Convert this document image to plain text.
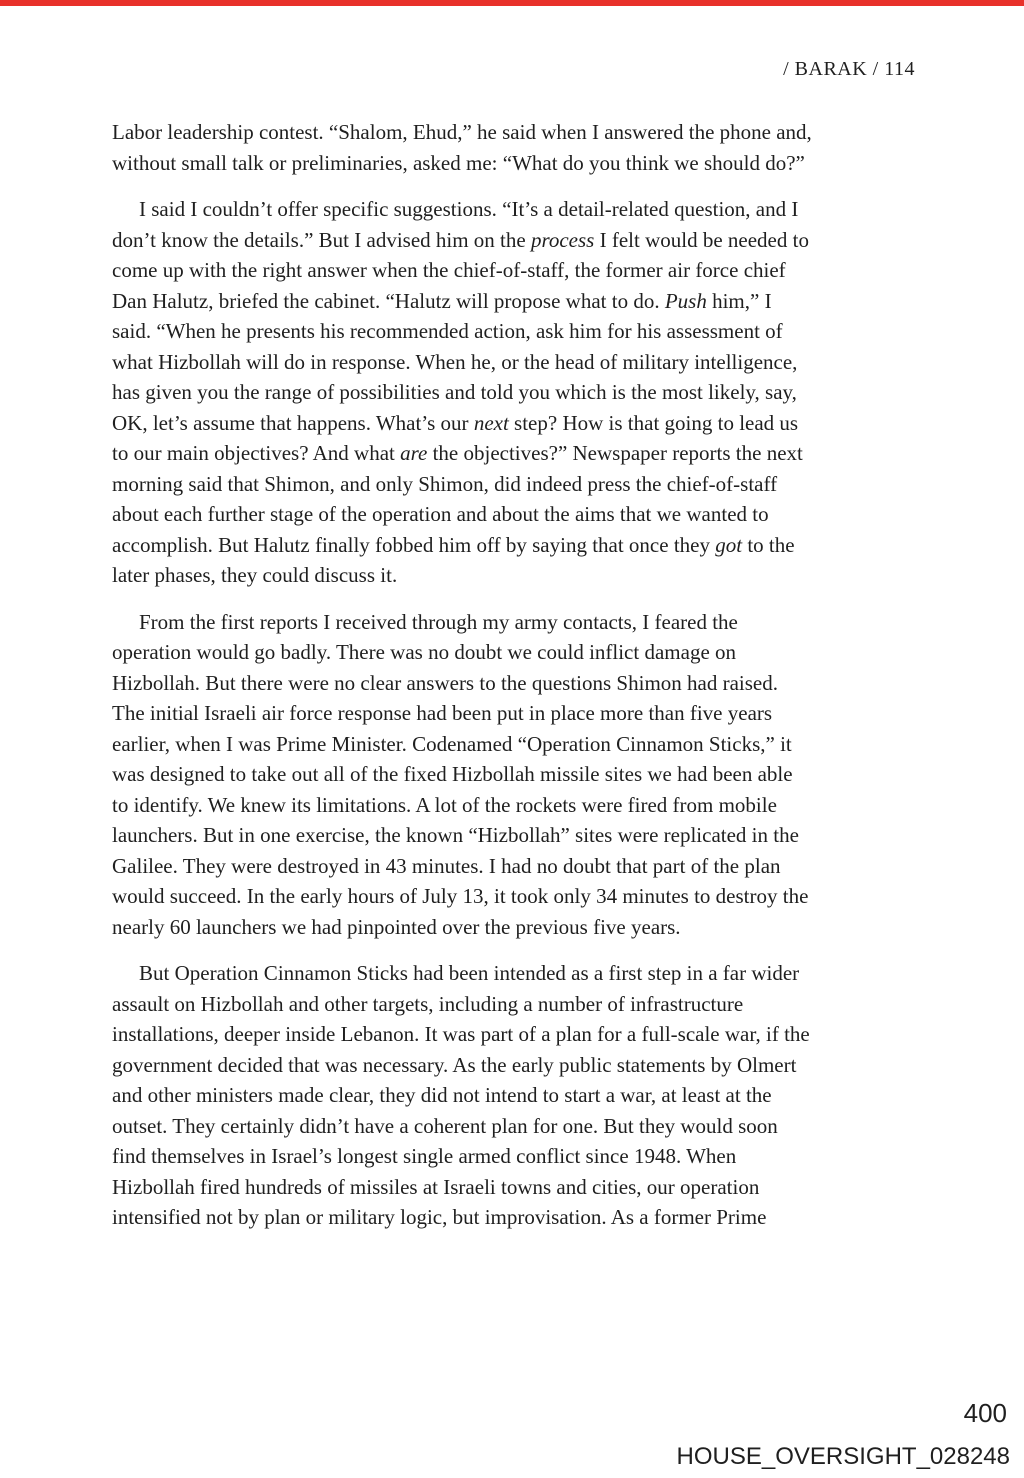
/ BARAK / 114

Labor leadership contest. “Shalom, Ehud,” he said when I answered the phone and,
without small talk or preliminaries, asked me: “What do you think we should do?”

I said I couldn’t offer specific suggestions. “It’s a detail-related question, and I
don’t know the details.” But I advised him on the process I felt would be needed to
come up with the right answer when the chief-of-staff, the former air force chief
Dan Halutz, briefed the cabinet. “Halutz will propose what to do. Push him,” I
said. “When he presents his recommended action, ask him for his assessment of
what Hizbollah will do in response. When he, or the head of military intelligence,
has given you the range of possibilities and told you which is the most likely, say,
OK, let’s assume that happens. What’s our next step? How is that going to lead us
to our main objectives? And what are the objectives?” Newspaper reports the next
morning said that Shimon, and only Shimon, did indeed press the chief-of-staff
about each further stage of the operation and about the aims that we wanted to
accomplish. But Halutz finally fobbed him off by saying that once they got to the
later phases, they could discuss it.

From the first reports I received through my army contacts, I feared the
operation would go badly. There was no doubt we could inflict damage on
Hizbollah. But there were no clear answers to the questions Shimon had raised.
The initial Israeli air force response had been put in place more than five years
earlier, when I was Prime Minister. Codenamed “Operation Cinnamon Sticks,” it
was designed to take out all of the fixed Hizbollah missile sites we had been able
to identify. We knew its limitations. A lot of the rockets were fired from mobile
launchers. But in one exercise, the known “Hizbollah” sites were replicated in the
Galilee. They were destroyed in 43 minutes. I had no doubt that part of the plan
would succeed. In the early hours of July 13, it took only 34 minutes to destroy the
nearly 60 launchers we had pinpointed over the previous five years.

But Operation Cinnamon Sticks had been intended as a first step in a far wider
assault on Hizbollah and other targets, including a number of infrastructure
installations, deeper inside Lebanon. It was part of a plan for a full-scale war, if the
government decided that was necessary. As the early public statements by Olmert
and other ministers made clear, they did not intend to start a war, at least at the
outset. They certainly didn’t have a coherent plan for one. But they would soon
find themselves in Israel’s longest single armed conflict since 1948. When
Hizbollah fired hundreds of missiles at Israeli towns and cities, our operation
intensified not by plan or military logic, but improvisation. As a former Prime

400
HOUSE_OVERSIGHT_028248
